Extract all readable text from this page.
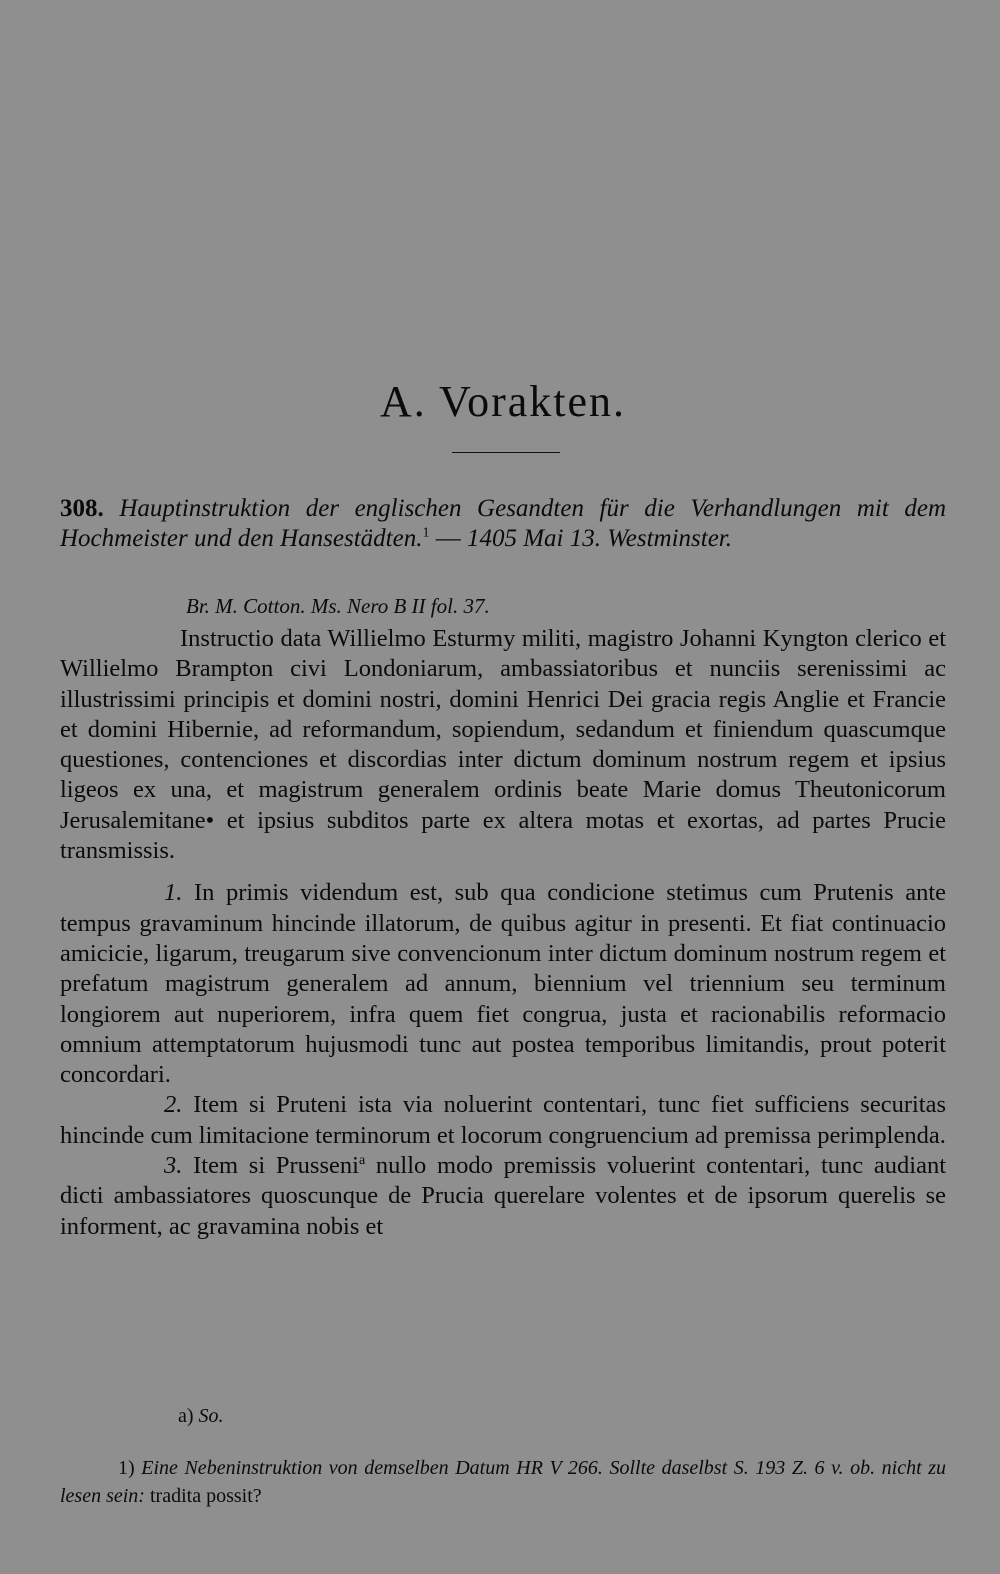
A. Vorakten.
308. Hauptinstruktion der englischen Gesandten für die Verhandlungen mit dem Hochmeister und den Hansestädten.$^1$ — 1405 Mai 13. Westminster.
Br. M. Cotton. Ms. Nero B II fol. 37.

Instructio data Willielmo Esturmy militi, magistro Johanni Kyngton clerico et Willielmo Brampton civi Londoniarum, ambassiatoribus et nunciis serenissimi ac illustrissimi principis et domini nostri, domini Henrici Dei gracia regis Anglie et Francie et domini Hibernie, ad reformandum, sopiendum, sedandum et finiendum quascumque questiones, contenciones et discordias inter dictum dominum nostrum regem et ipsius ligeos ex una, et magistrum generalem ordinis beate Marie domus Theutonicorum Jerusalemitane• et ipsius subditos parte ex altera motas et exortas, ad partes Prucie transmissis.

1. In primis videndum est, sub qua condicione stetimus cum Prutenis ante tempus gravaminum hincinde illatorum, de quibus agitur in presenti. Et fiat continuacio amicicie, ligarum, treugarum sive convencionum inter dictum dominum nostrum regem et prefatum magistrum generalem ad annum, biennium vel triennium seu terminum longiorem aut nuperiorem, infra quem fiet congrua, justa et racionabilis reformacio omnium attemptatorum hujusmodi tunc aut postea temporibus limitandis, prout poterit concordari.

2. Item si Pruteni ista via noluerint contentari, tunc fiet sufficiens securitas hincinde cum limitacione terminorum et locorum congruencium ad premissa perimplenda.

3. Item si Prusseni$^a$ nullo modo premissis voluerint contentari, tunc audiant dicti ambassiatores quoscunque de Prucia querelare volentes et de ipsorum querelis se informent, ac gravamina nobis et

a) So.
1) Eine Nebeninstruktion von demselben Datum HR V 266. Sollte daselbst S. 193 Z. 6 v. ob. nicht zu lesen sein: tradita possit?
